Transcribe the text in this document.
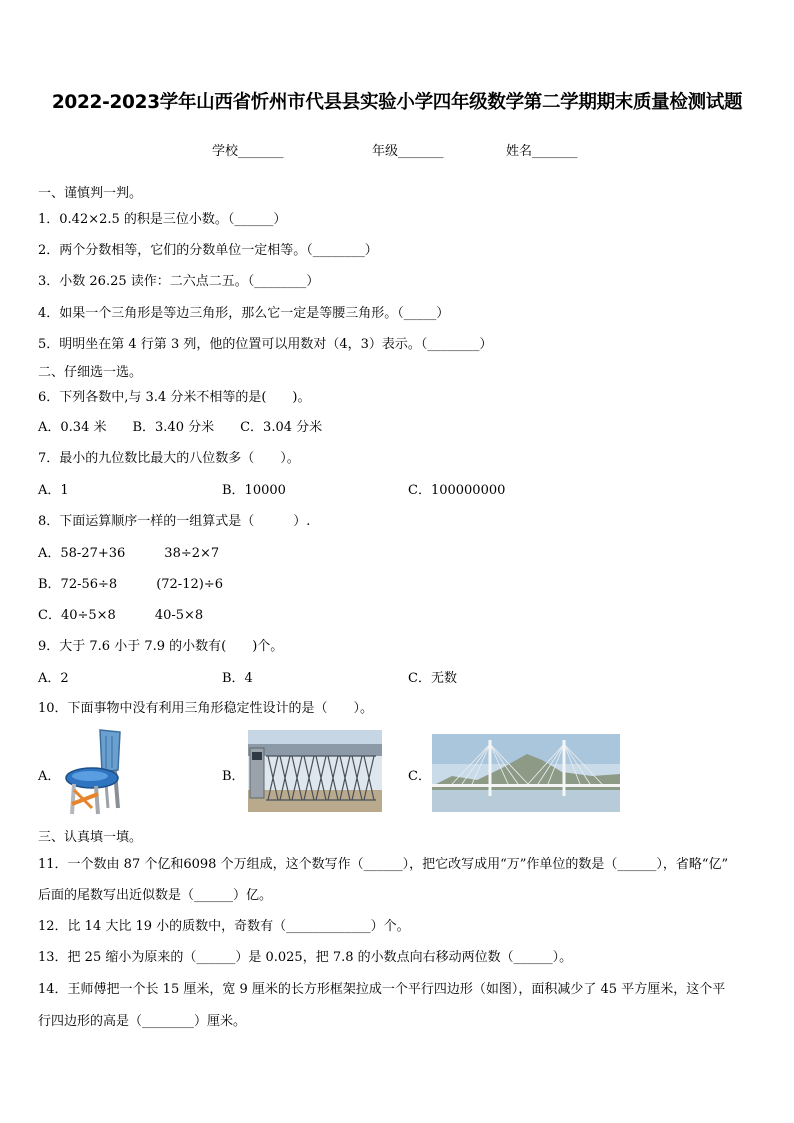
2022-2023学年山西省忻州市代县县实验小学四年级数学第二学期期末质量检测试题
学校_______	年级_______	姓名_______
一、谨慎判一判。
1．0.42×2.5 的积是三位小数。（______）
2．两个分数相等，它们的分数单位一定相等。（________）
3．小数 26.25 读作：二六点二五。（________）
4．如果一个三角形是等边三角形，那么它一定是等腰三角形。（_____）
5．明明坐在第 4 行第 3 列，他的位置可以用数对（4，3）表示。（________）
二、仔细选一选。
6．下列各数中,与 3.4 分米不相等的是(　　)。
A．0.34 米　　B．3.40 分米　　C．3.04 分米
7．最小的九位数比最大的八位数多（　　）。
A．1	B．10000	C．100000000
8．下面运算顺序一样的一组算式是（　　　）.
A．58-27+36　　　38÷2×7
B．72-56÷8　　　(72-12)÷6
C．40÷5×8　　　40-5×8
9．大于 7.6 小于 7.9 的小数有(　　)个。
A．2	B．4	C．无数
10．下面事物中没有利用三角形稳定性设计的是（　　）。
A．	B．	C．
三、认真填一填。
11．一个数由 87 个亿和6098 个万组成，这个数写作（______），把它改写成用“万”作单位的数是（______），省略“亿”
后面的尾数写出近似数是（______）亿。
12．比 14 大比 19 小的质数中，奇数有（_____________）个。
13．把 25 缩小为原来的（______）是 0.025，把 7.8 的小数点向右移动两位数（______）。
14．王师傅把一个长 15 厘米，宽 9 厘米的长方形框架拉成一个平行四边形（如图），面积减少了 45 平方厘米，这个平
行四边形的高是（________）厘米。
